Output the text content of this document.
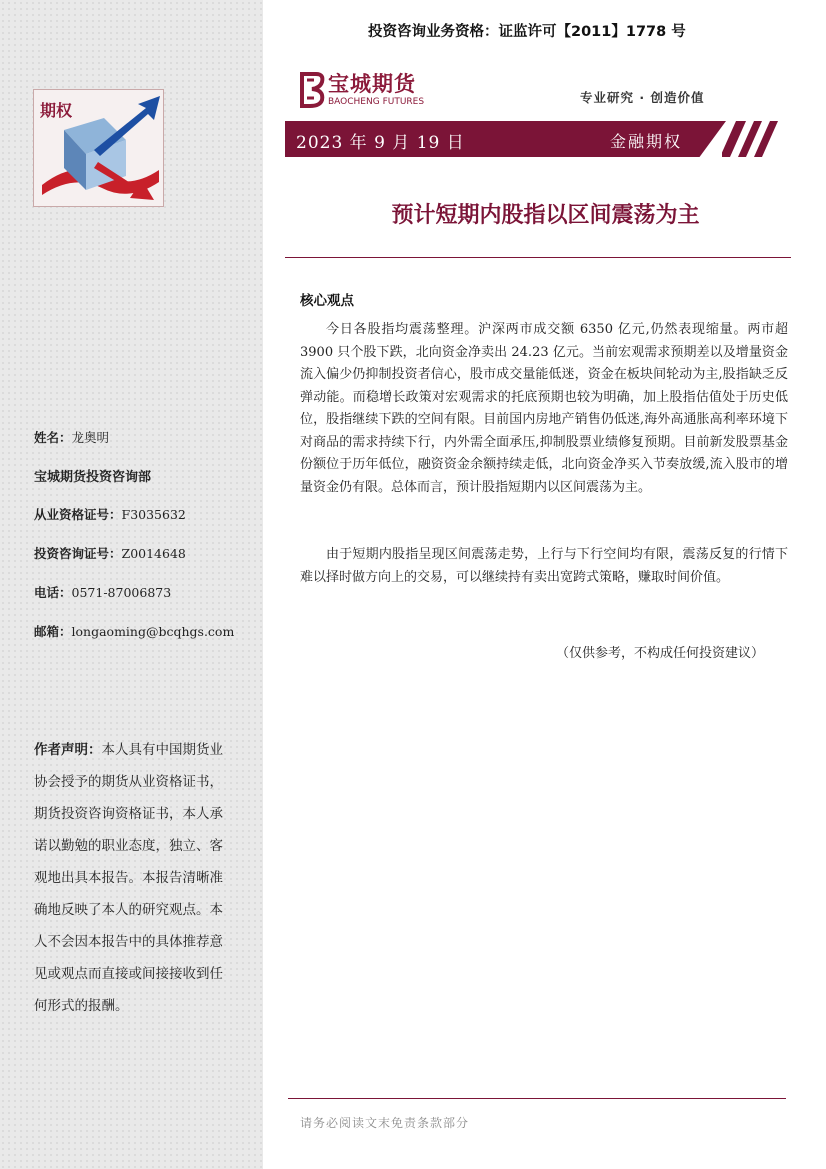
期权
姓名：龙奥明
宝城期货投资咨询部
从业资格证号：F3035632
投资咨询证号：Z0014648
电话：0571-87006873
邮箱：longaoming@bcqhgs.com
作者声明：本人具有中国期货业协会授予的期货从业资格证书，期货投资咨询资格证书，本人承诺以勤勉的职业态度，独立、客观地出具本报告。本报告清晰准确地反映了本人的研究观点。本人不会因本报告中的具体推荐意见或观点而直接或间接接收到任何形式的报酬。
投资咨询业务资格：证监许可【2011】1778 号
宝城期货
BAOCHENG FUTURES	专业研究 · 创造价值
2023 年 9 月 19 日	金融期权
预计短期内股指以区间震荡为主
核心观点

今日各股指均震荡整理。沪深两市成交额 6350 亿元,仍然表现缩量。两市超 3900 只个股下跌，北向资金净卖出 24.23 亿元。当前宏观需求预期差以及增量资金流入偏少仍抑制投资者信心，股市成交量能低迷，资金在板块间轮动为主,股指缺乏反弹动能。而稳增长政策对宏观需求的托底预期也较为明确，加上股指估值处于历史低位，股指继续下跌的空间有限。目前国内房地产销售仍低迷,海外高通胀高利率环境下对商品的需求持续下行，内外需全面承压,抑制股票业绩修复预期。目前新发股票基金份额位于历年低位，融资资金余额持续走低，北向资金净买入节奏放缓,流入股市的增量资金仍有限。总体而言，预计股指短期内以区间震荡为主。

由于短期内股指呈现区间震荡走势，上行与下行空间均有限，震荡反复的行情下难以择时做方向上的交易，可以继续持有卖出宽跨式策略，赚取时间价值。

（仅供参考，不构成任何投资建议）
请务必阅读文末免责条款部分
